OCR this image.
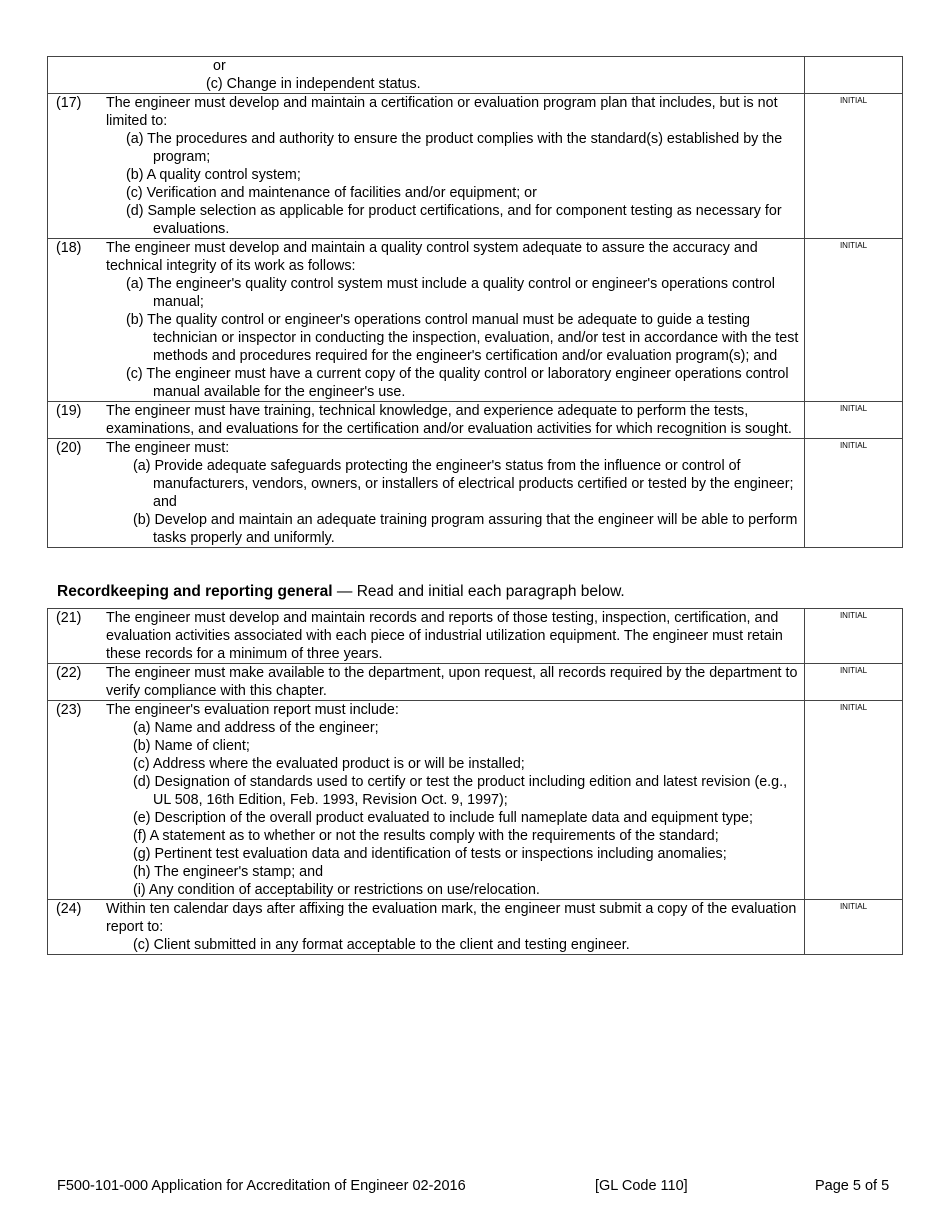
or
(c) Change in independent status.
(17)	The engineer must develop and maintain a certification or evaluation program plan that includes, but is not limited to:
(a) The procedures and authority to ensure the product complies with the standard(s) established by the program;
(b) A quality control system;
(c) Verification and maintenance of facilities and/or equipment; or
(d) Sample selection as applicable for product certifications, and for component testing as necessary for evaluations.
INITIAL
(18)	The engineer must develop and maintain a quality control system adequate to assure the accuracy and technical integrity of its work as follows:
(a) The engineer's quality control system must include a quality control or engineer's operations control manual;
(b) The quality control or engineer's operations control manual must be adequate to guide a testing technician or inspector in conducting the inspection, evaluation, and/or test in accordance with the test methods and procedures required for the engineer's certification and/or evaluation program(s); and
(c) The engineer must have a current copy of the quality control or laboratory engineer operations control manual available for the engineer's use.
INITIAL
(19)	The engineer must have training, technical knowledge, and experience adequate to perform the tests, examinations, and evaluations for the certification and/or evaluation activities for which recognition is sought.
INITIAL
(20)	The engineer must:
(a) Provide adequate safeguards protecting the engineer's status from the influence or control of manufacturers, vendors, owners, or installers of electrical products certified or tested by the engineer; and
(b) Develop and maintain an adequate training program assuring that the engineer will be able to perform tasks properly and uniformly.
INITIAL
Recordkeeping and reporting general — Read and initial each paragraph below.
(21)	The engineer must develop and maintain records and reports of those testing, inspection, certification, and evaluation activities associated with each piece of industrial utilization equipment. The engineer must retain these records for a minimum of three years.
INITIAL
(22)	The engineer must make available to the department, upon request, all records required by the department to verify compliance with this chapter.
INITIAL
(23)	The engineer's evaluation report must include:
(a) Name and address of the engineer;
(b) Name of client;
(c) Address where the evaluated product is or will be installed;
(d) Designation of standards used to certify or test the product including edition and latest revision (e.g., UL 508, 16th Edition, Feb. 1993, Revision Oct. 9, 1997);
(e) Description of the overall product evaluated to include full nameplate data and equipment type;
(f) A statement as to whether or not the results comply with the requirements of the standard;
(g) Pertinent test evaluation data and identification of tests or inspections including anomalies;
(h) The engineer's stamp; and
(i) Any condition of acceptability or restrictions on use/relocation.
INITIAL
(24)	Within ten calendar days after affixing the evaluation mark, the engineer must submit a copy of the evaluation report to:
(c) Client submitted in any format acceptable to the client and testing engineer.
INITIAL
F500-101-000 Application for Accreditation of Engineer 02-2016	[GL Code 110]	Page 5 of 5
